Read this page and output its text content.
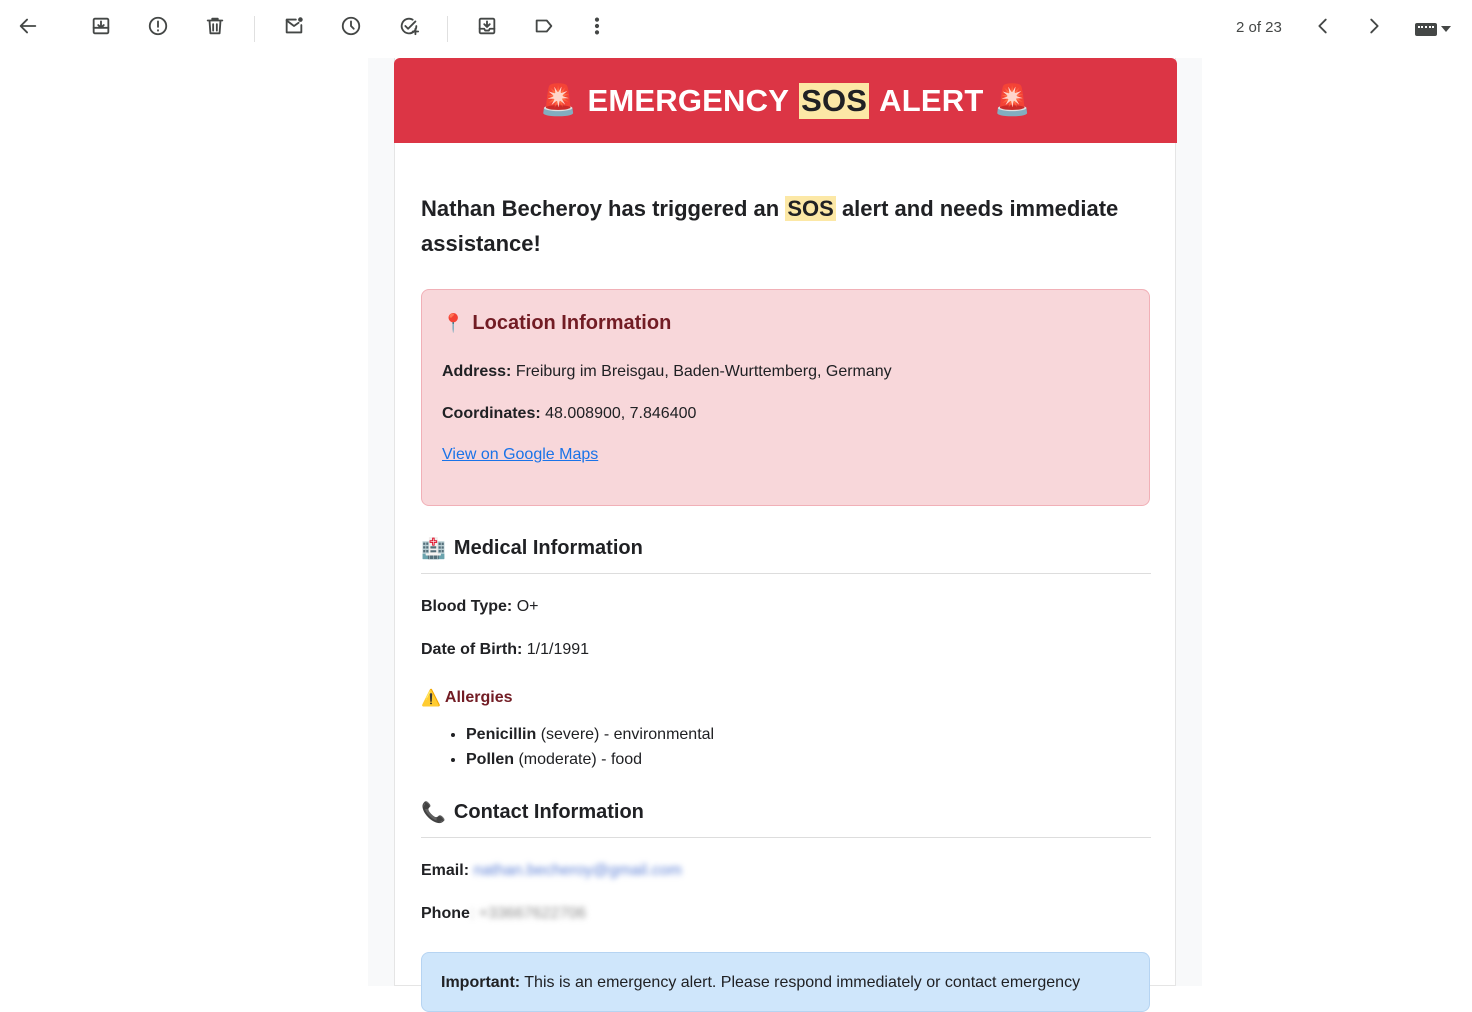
2 of 23
🚨 EMERGENCY SOS ALERT 🚨
Nathan Becheroy has triggered an SOS alert and needs immediate assistance!
📍 Location Information
Address: Freiburg im Breisgau, Baden-Wurttemberg, Germany
Coordinates: 48.008900, 7.846400
View on Google Maps
🏥 Medical Information
Blood Type: O+
Date of Birth: 1/1/1991
⚠️ Allergies
• Penicillin (severe) - environmental
• Pollen (moderate) - food
📞 Contact Information
Email: nathan.becheroy@gmail.com
Phone: +33667622706
Important: This is an emergency alert. Please respond immediately or contact emergency
